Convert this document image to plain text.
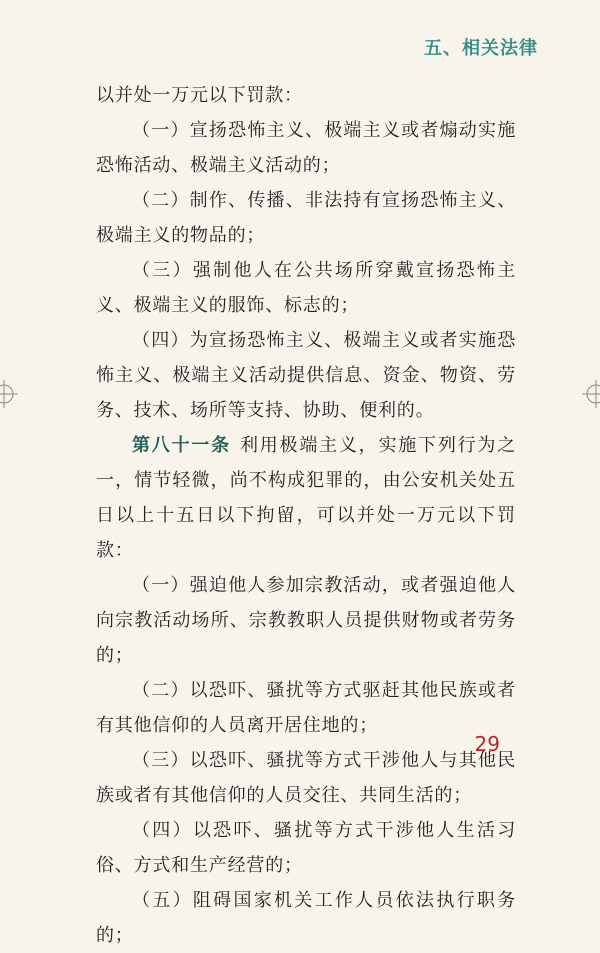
五、相关法律

以并处一万元以下罚款：

（一）宣扬恐怖主义、极端主义或者煽动实施恐怖活动、极端主义活动的；

（二）制作、传播、非法持有宣扬恐怖主义、极端主义的物品的；

（三）强制他人在公共场所穿戴宣扬恐怖主义、极端主义的服饰、标志的；

（四）为宣扬恐怖主义、极端主义或者实施恐怖主义、极端主义活动提供信息、资金、物资、劳务、技术、场所等支持、协助、便利的。

第八十一条 利用极端主义，实施下列行为之一，情节轻微，尚不构成犯罪的，由公安机关处五日以上十五日以下拘留，可以并处一万元以下罚款：

（一）强迫他人参加宗教活动，或者强迫他人向宗教活动场所、宗教教职人员提供财物或者劳务的；

（二）以恐吓、骚扰等方式驱赶其他民族或者有其他信仰的人员离开居住地的；

（三）以恐吓、骚扰等方式干涉他人与其他民族或者有其他信仰的人员交往、共同生活的；

（四）以恐吓、骚扰等方式干涉他人生活习俗、方式和生产经营的；

（五）阻碍国家机关工作人员依法执行职务的；

29
